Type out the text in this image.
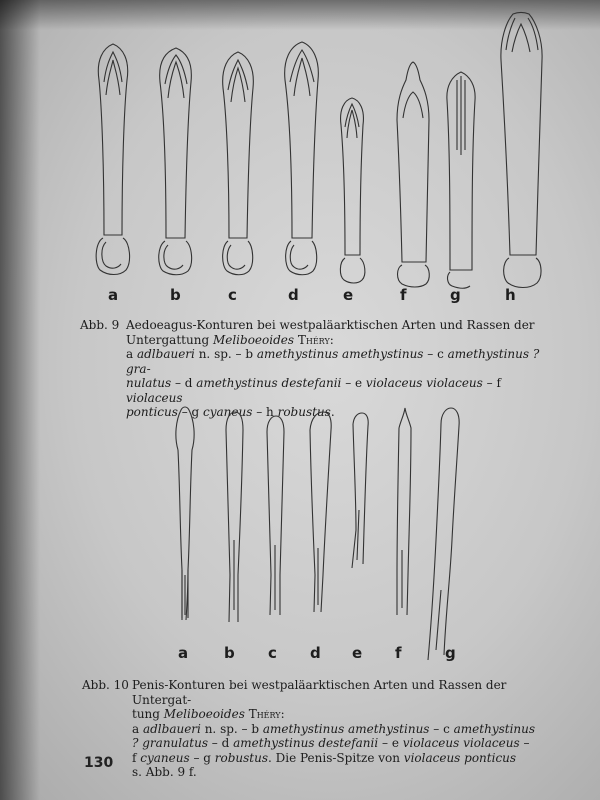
a	b	c	d	e	f	g	h
Abb. 9 Aedoeagus-Konturen bei westpaläarktischen Arten und Rassen der Untergattung Meliboeoides Théry:

a adlbaueri n. sp. – b amethystinus amethystinus – c amethystinus ? gra-

nulatus – d amethystinus destefanii – e violaceus violaceus – f violaceus

ponticus – g cyaneus – h robustus.

a b c d e f	g
Abb. 10 Penis-Konturen bei westpaläarktischen Arten und Rassen der Untergat-

tung Meliboeoides Théry:

a adlbaueri n. sp. – b amethystinus amethystinus – c amethystinus

? granulatus – d amethystinus destefanii – e violaceus violaceus –

f cyaneus – g robustus. Die Penis-Spitze von violaceus ponticus

s. Abb. 9 f.

130
